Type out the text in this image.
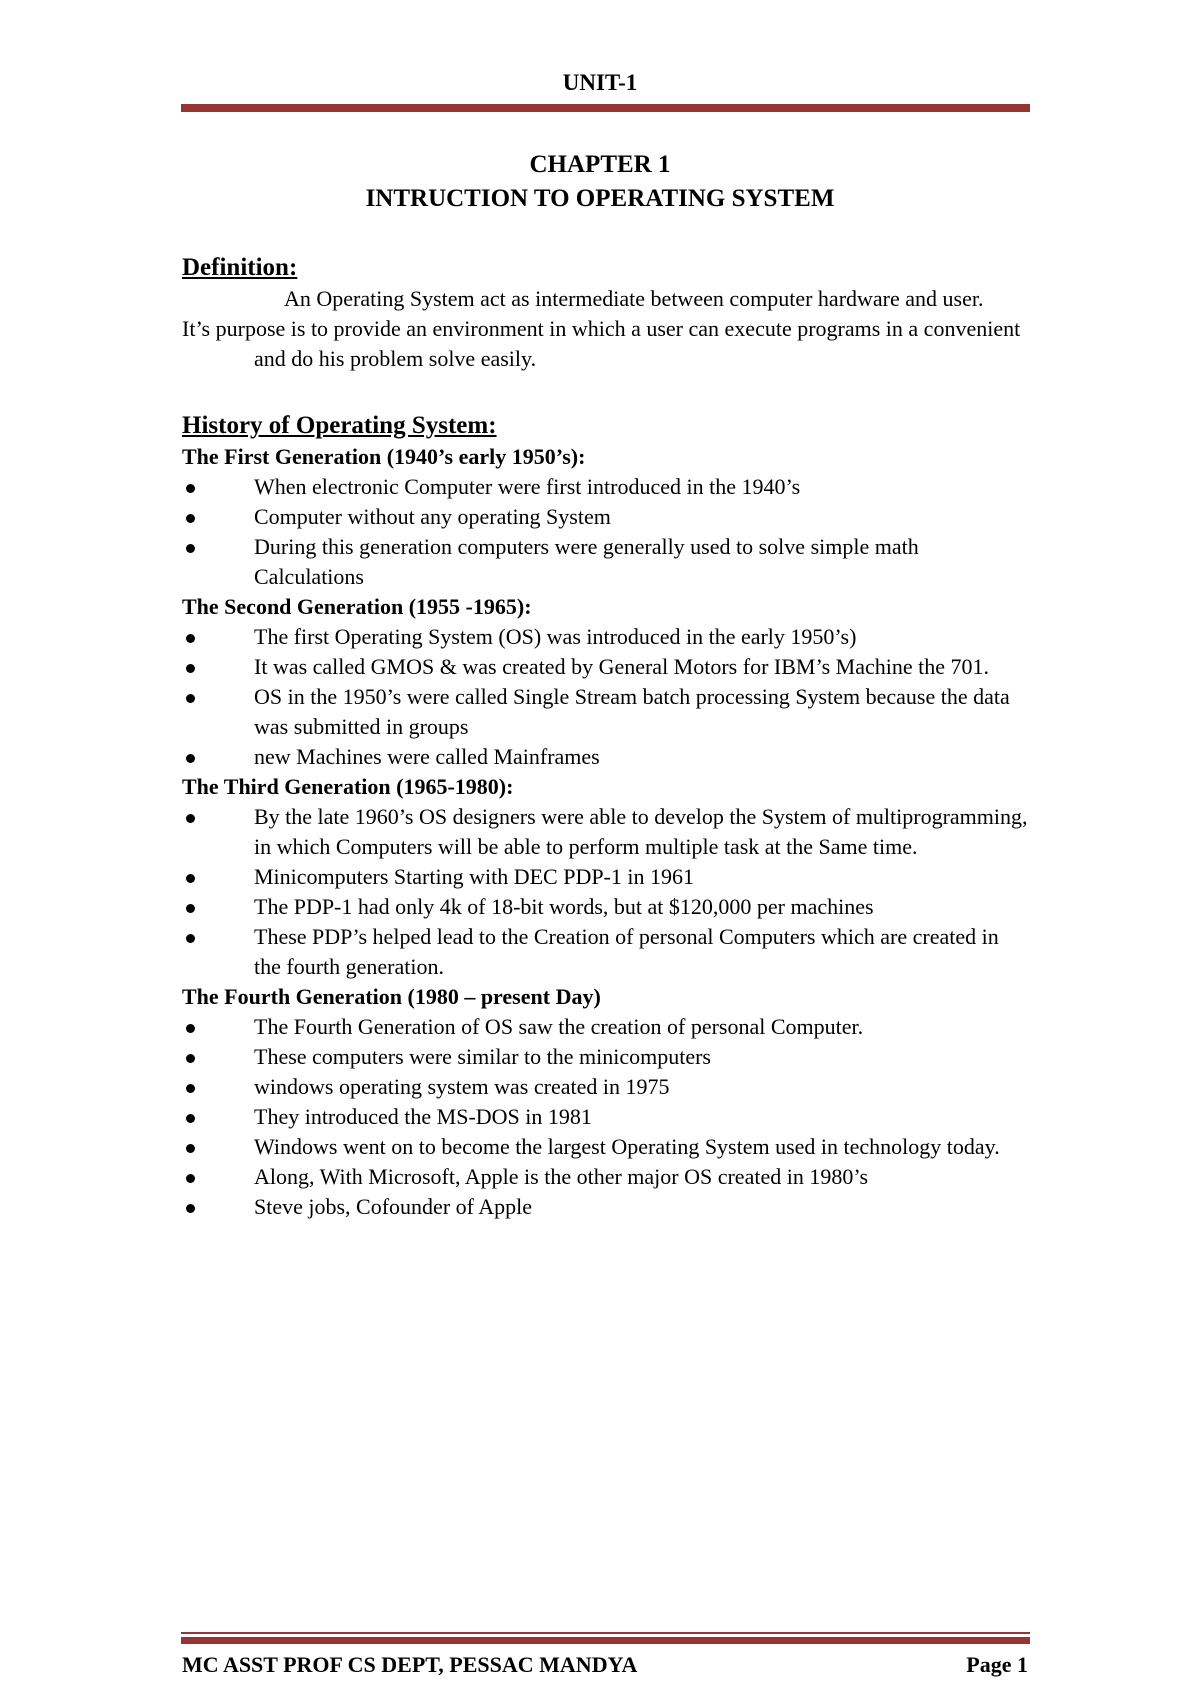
UNIT-1
CHAPTER 1
INTRUCTION TO OPERATING SYSTEM

Definition:

An Operating System act as intermediate between computer hardware and user.

It’s purpose is to provide an environment in which a user can execute programs in a convenient and do his problem solve easily.

History of Operating System:

The First Generation (1940’s early 1950’s):

When electronic Computer were first introduced in the 1940’s
Computer without any operating System
During this generation computers were generally used to solve simple math Calculations

The Second Generation (1955 -1965):

The first Operating System (OS) was introduced in the early 1950’s)
It was called GMOS & was created by General Motors for IBM’s Machine the 701.
OS in the 1950’s were called Single Stream batch processing System because the data was submitted in groups
new Machines were called Mainframes

The Third Generation (1965-1980):

By the late 1960’s OS designers were able to develop the System of multiprogramming, in which Computers will be able to perform multiple task at the Same time.
Minicomputers Starting with DEC PDP-1 in 1961
The PDP-1 had only 4k of 18-bit words, but at $120,000 per machines
These PDP’s helped lead to the Creation of personal Computers which are created in the fourth generation.

The Fourth Generation (1980 – present Day)

The Fourth Generation of OS saw the creation of personal Computer.
These computers were similar to the minicomputers
windows operating system was created in 1975
They introduced the MS-DOS in 1981
Windows went on to become the largest Operating System used in technology today.
Along, With Microsoft, Apple is the other major OS created in 1980’s
Steve jobs, Cofounder of Apple
MC ASST PROF CS DEPT, PESSAC MANDYA	Page 1
